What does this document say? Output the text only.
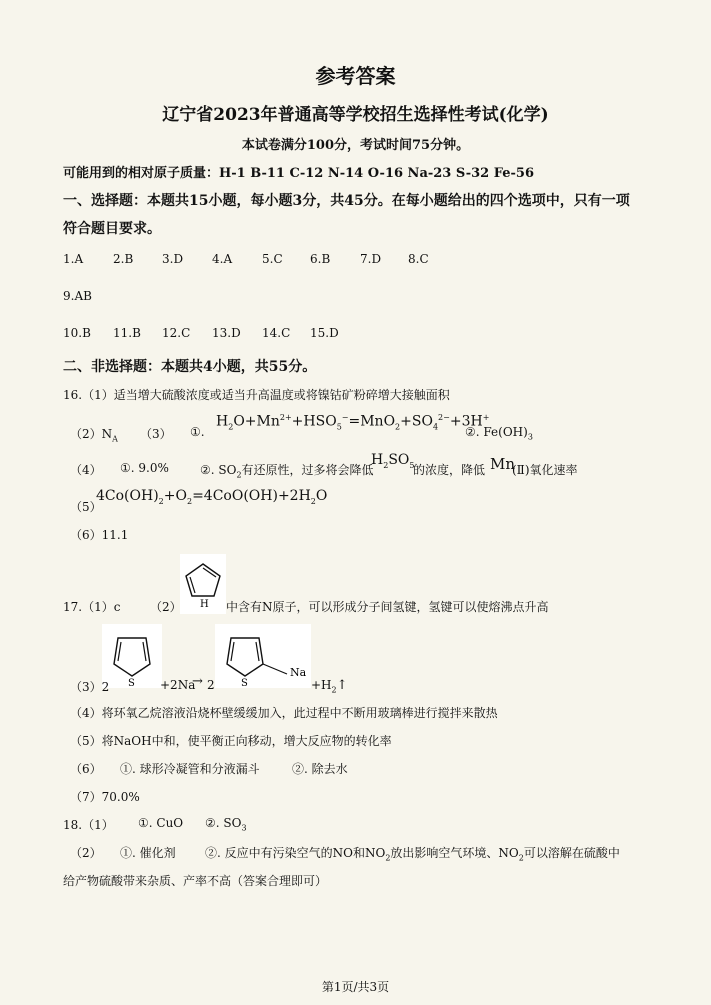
参考答案
辽宁省2023年普通高等学校招生选择性考试(化学)
本试卷满分100分，考试时间75分钟。
可能用到的相对原子质量：H-1 B-11 C-12 N-14 O-16 Na-23 S-32 Fe-56
一、选择题：本题共15小题，每小题3分，共45分。在每小题给出的四个选项中，只有一项
符合题目要求。
1.A 2.B 3.D 4.A 5.C 6.B 7.D 8.C
9.AB
10.B 11.B 12.C 13.D 14.C 15.D
二、非选择题：本题共4小题，共55分。
16.（1）适当增大硫酸浓度或适当升高温度或将镍钴矿粉碎增大接触面积
$(2)N_A$ （3） ①.
$H_2O+Mn^{2+}+HSO_5^-=MnO_2+SO_4^{2-}+3H^+$
②. $Fe(OH)_3$
（4） ①. 9.0%	②. $SO_2$有还原性，过多将会降低
$H_2SO_5$
的浓度，降低 Mn
(Ⅱ)氧化速率
（5）
$4Co(OH)_2+O_2=4CoO(OH)+2H_2O$
（6）11.1
H
17.（1）c （2）	中含有N原子，可以形成分子间氢键，氢键可以使熔沸点升高
S	S
Na
（3）2	+2Na
→ 2	$+H_2↑$
（4）将环氧乙烷溶液沿烧杯壁缓缓加入，此过程中不断用玻璃棒进行搅拌来散热
（5）将NaOH中和，使平衡正向移动，增大反应物的转化率
（6） ①. 球形冷凝管和分液漏斗	②. 除去水
（7）70.0%
18.（1） ①. CuO ②. $SO_3$
（2） ①. 催化剂 ②. 反应中有污染空气的NO和$NO_2$放出影响空气环境、$NO_2$可以溶解在硫酸中
给产物硫酸带来杂质、产率不高（答案合理即可）
第1页/共3页
